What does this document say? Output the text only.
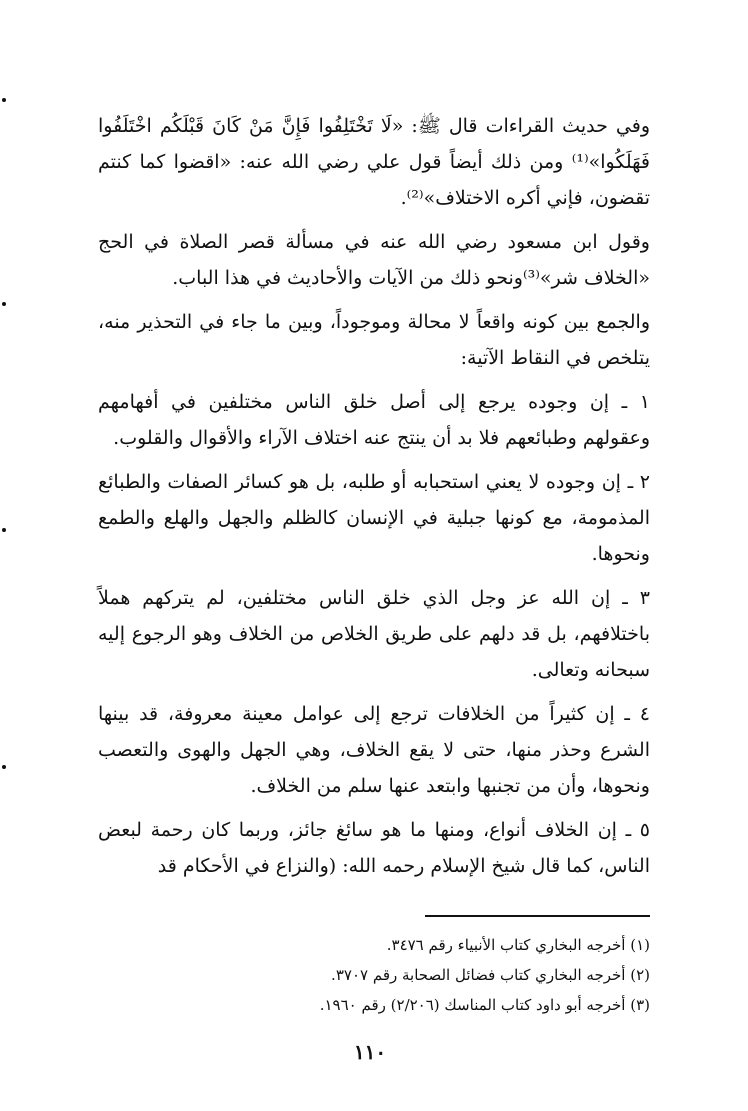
وفي حديث القراءات قال ﷺ: «لَا تَخْتَلِفُوا فَإِنَّ مَنْ كَانَ قَبْلَكُم اخْتَلَفُوا فَهَلَكُوا»⁽¹⁾ ومن ذلك أيضاً قول علي رضي الله عنه: «اقضوا كما كنتم تقضون، فإني أكره الاختلاف»⁽²⁾.

وقول ابن مسعود رضي الله عنه في مسألة قصر الصلاة في الحج «الخلاف شر»⁽³⁾ونحو ذلك من الآيات والأحاديث في هذا الباب.

والجمع بين كونه واقعاً لا محالة وموجوداً، وبين ما جاء في التحذير منه، يتلخص في النقاط الآتية:

١ ـ إن وجوده يرجع إلى أصل خلق الناس مختلفين في أفهامهم وعقولهم وطبائعهم فلا بد أن ينتج عنه اختلاف الآراء والأقوال والقلوب.

٢ ـ إن وجوده لا يعني استحبابه أو طلبه، بل هو كسائر الصفات والطبائع المذمومة، مع كونها جبلية في الإنسان كالظلم والجهل والهلع والطمع ونحوها.

٣ ـ إن الله عز وجل الذي خلق الناس مختلفين، لم يتركهم هملاً باختلافهم، بل قد دلهم على طريق الخلاص من الخلاف وهو الرجوع إليه سبحانه وتعالى.

٤ ـ إن كثيراً من الخلافات ترجع إلى عوامل معينة معروفة، قد بينها الشرع وحذر منها، حتى لا يقع الخلاف، وهي الجهل والهوى والتعصب ونحوها، وأن من تجنبها وابتعد عنها سلم من الخلاف.

٥ ـ إن الخلاف أنواع، ومنها ما هو سائغ جائز، وربما كان رحمة لبعض الناس، كما قال شيخ الإسلام رحمه الله: (والنزاع في الأحكام قد

(١) أخرجه البخاري كتاب الأنبياء رقم ٣٤٧٦.

(٢) أخرجه البخاري كتاب فضائل الصحابة رقم ٣٧٠٧.

(٣) أخرجه أبو داود كتاب المناسك (٢/٢٠٦) رقم ١٩٦٠.

١١٠
